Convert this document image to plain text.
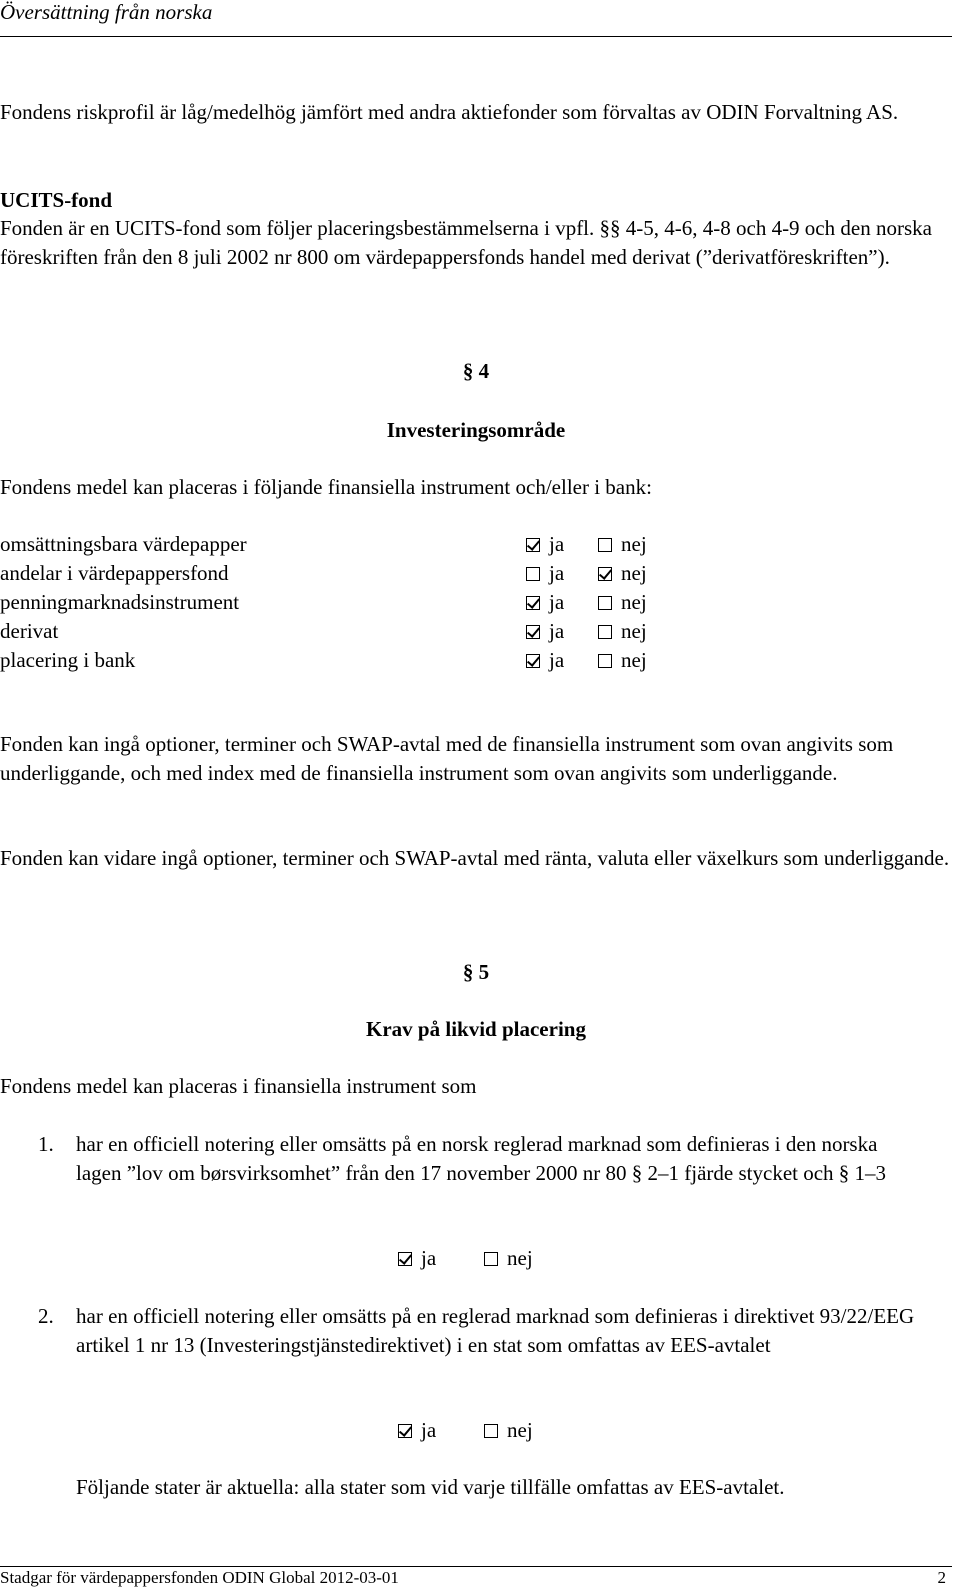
Översättning från norska
Fondens riskprofil är låg/medelhög jämfört med andra aktiefonder som förvaltas av ODIN Forvaltning AS.
UCITS-fond
Fonden är en UCITS-fond som följer placeringsbestämmelserna i vpfl. §§ 4-5, 4-6, 4-8 och 4-9 och den norska föreskriften från den 8 juli 2002 nr 800 om värdepappersfonds handel med derivat (”derivatföreskriften”).
§ 4
Investeringsområde
Fondens medel kan placeras i följande finansiella instrument och/eller i bank:
omsättningsbara värdepapper	ja	nej
andelar i värdepappersfond	ja	nej
penningmarknadsinstrument	ja	nej
derivat	ja	nej
placering i bank	ja	nej
Fonden kan ingå optioner, terminer och SWAP-avtal med de finansiella instrument som ovan angivits som underliggande, och med index med de finansiella instrument som ovan angivits som underliggande.
Fonden kan vidare ingå optioner, terminer och SWAP-avtal med ränta, valuta eller växelkurs som underliggande.
§ 5
Krav på likvid placering
Fondens medel kan placeras i finansiella instrument som
1. har en officiell notering eller omsätts på en norsk reglerad marknad som definieras i den norska lagen ”lov om børsvirksomhet” från den 17 november 2000 nr 80 § 2–1 fjärde stycket och § 1–3
ja	nej
2. har en officiell notering eller omsätts på en reglerad marknad som definieras i direktivet 93/22/EEG artikel 1 nr 13 (Investeringstjänstedirektivet) i en stat som omfattas av EES-avtalet
ja	nej
Följande stater är aktuella: alla stater som vid varje tillfälle omfattas av EES-avtalet.
Stadgar för värdepappersfonden ODIN Global 2012-03-01	2
